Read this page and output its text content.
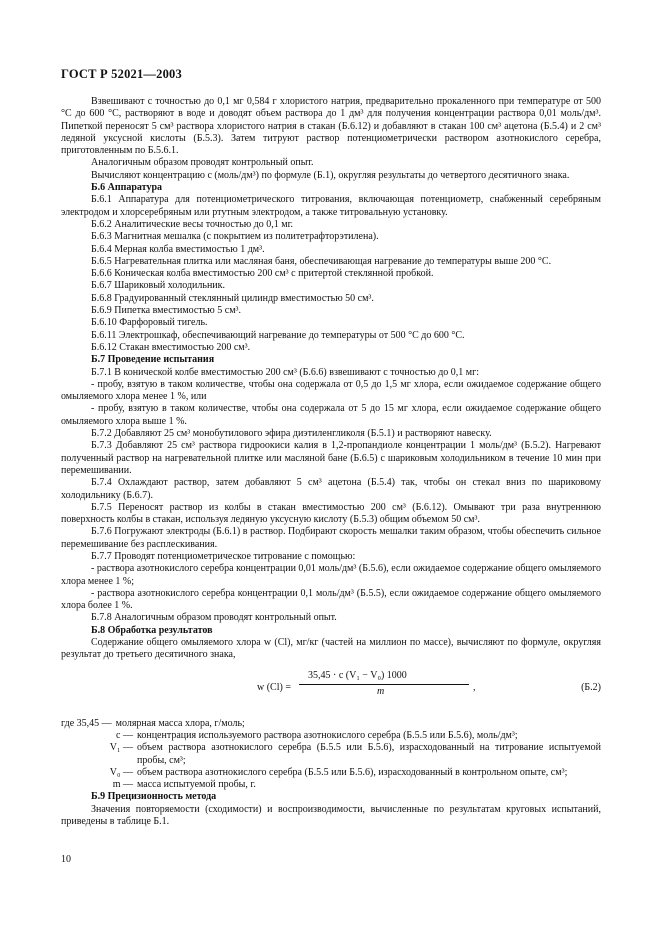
ГОСТ Р 52021—2003

Взвешивают с точностью до 0,1 мг 0,584 г хлористого натрия, предварительно прокаленного при температуре от 500 °С до 600 °С, растворяют в воде и доводят объем раствора до 1 дм³ для получения концентрации раствора 0,01 моль/дм³. Пипеткой переносят 5 см³ раствора хлористого натрия в стакан (Б.6.12) и добавляют в стакан 100 см³ ацетона (Б.5.4) и 2 см³ ледяной уксусной кислоты (Б.5.3). Затем титруют раствор потенциометрически раствором азотнокислого серебра, приготовленным по Б.5.6.1.

Аналогичным образом проводят контрольный опыт.

Вычисляют концентрацию c (моль/дм³) по формуле (Б.1), округляя результаты до четвертого десятичного знака.

Б.6 Аппаратура

Б.6.1 Аппаратура для потенциометрического титрования, включающая потенциометр, снабженный серебряным электродом и хлорсеребряным или ртутным электродом, а также титровальную установку.

Б.6.2 Аналитические весы точностью до 0,1 мг.

Б.6.3 Магнитная мешалка (с покрытием из политетрафторэтилена).

Б.6.4 Мерная колба вместимостью 1 дм³.

Б.6.5 Нагревательная плитка или масляная баня, обеспечивающая нагревание до температуры выше 200 °С.

Б.6.6 Коническая колба вместимостью 200 см³ с притертой стеклянной пробкой.

Б.6.7 Шариковый холодильник.

Б.6.8 Градуированный стеклянный цилиндр вместимостью 50 см³.

Б.6.9 Пипетка вместимостью 5 см³.

Б.6.10 Фарфоровый тигель.

Б.6.11 Электрошкаф, обеспечивающий нагревание до температуры от 500 °С до 600 °С.

Б.6.12 Стакан вместимостью 200 см³.

Б.7 Проведение испытания

Б.7.1 В конической колбе вместимостью 200 см³ (Б.6.6) взвешивают с точностью до 0,1 мг:

- пробу, взятую в таком количестве, чтобы она содержала от 0,5 до 1,5 мг хлора, если ожидаемое содержание общего омыляемого хлора менее 1 %, или

- пробу, взятую в таком количестве, чтобы она содержала от 5 до 15 мг хлора, если ожидаемое содержание общего омыляемого хлора выше 1 %.

Б.7.2 Добавляют 25 см³ монобутилового эфира диэтиленгликоля (Б.5.1) и растворяют навеску.

Б.7.3 Добавляют 25 см³ раствора гидроокиси калия в 1,2-пропандиоле концентрации 1 моль/дм³ (Б.5.2). Нагревают полученный раствор на нагревательной плитке или масляной бане (Б.6.5) с шариковым холодильником в течение 10 мин при перемешивании.

Б.7.4 Охлаждают раствор, затем добавляют 5 см³ ацетона (Б.5.4) так, чтобы он стекал вниз по шариковому холодильнику (Б.6.7).

Б.7.5 Переносят раствор из колбы в стакан вместимостью 200 см³ (Б.6.12). Омывают три раза внутреннюю поверхность колбы в стакан, используя ледяную уксусную кислоту (Б.5.3) общим объемом 50 см³.

Б.7.6 Погружают электроды (Б.6.1) в раствор. Подбирают скорость мешалки таким образом, чтобы обеспечить сильное перемешивание без расплескивания.

Б.7.7 Проводят потенциометрическое титрование с помощью:

- раствора азотнокислого серебра концентрации 0,01 моль/дм³ (Б.5.6), если ожидаемое содержание общего омыляемого хлора менее 1 %;

- раствора азотнокислого серебра концентрации 0,1 моль/дм³ (Б.5.5), если ожидаемое содержание общего омыляемого хлора более 1 %.

Б.7.8 Аналогичным образом проводят контрольный опыт.

Б.8 Обработка результатов

Содержание общего омыляемого хлора w (Cl), мг/кг (частей на миллион по массе), вычисляют по формуле, округляя результат до третьего десятичного знака,

w (Cl) =
35,45 · c (V₁ − V₀) 1000
m	,	(Б.2)
где 35,45 — молярная масса хлора, г/моль;
c — концентрация используемого раствора азотнокислого серебра (Б.5.5 или Б.5.6), моль/дм³;
V₁ — объем раствора азотнокислого серебра (Б.5.5 или Б.5.6), израсходованный на титрование испытуемой пробы, см³;
V₀ — объем раствора азотнокислого серебра (Б.5.5 или Б.5.6), израсходованный в контрольном опыте, см³;
m — масса испытуемой пробы, г.

Б.9 Прецизионность метода

Значения повторяемости (сходимости) и воспроизводимости, вычисленные по результатам круговых испытаний, приведены в таблице Б.1.

10
